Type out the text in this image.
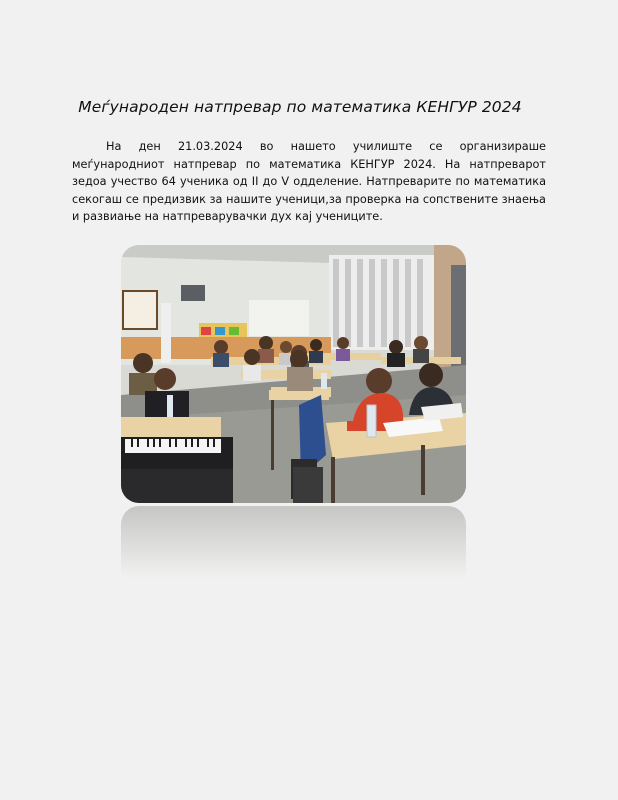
Меѓународен натпревар по математика КЕНГУР 2024

На ден 21.03.2024 во нашето училиште се организираше меѓународниот натпревар по математика КЕНГУР 2024. На натпреварот зедоа учество 64 ученика од II до V одделение. Натпреварите по математика секогаш се предизвик за нашите ученици,за проверка на сопствените знаења и развиање на натпреварувачки дух кај учениците.
